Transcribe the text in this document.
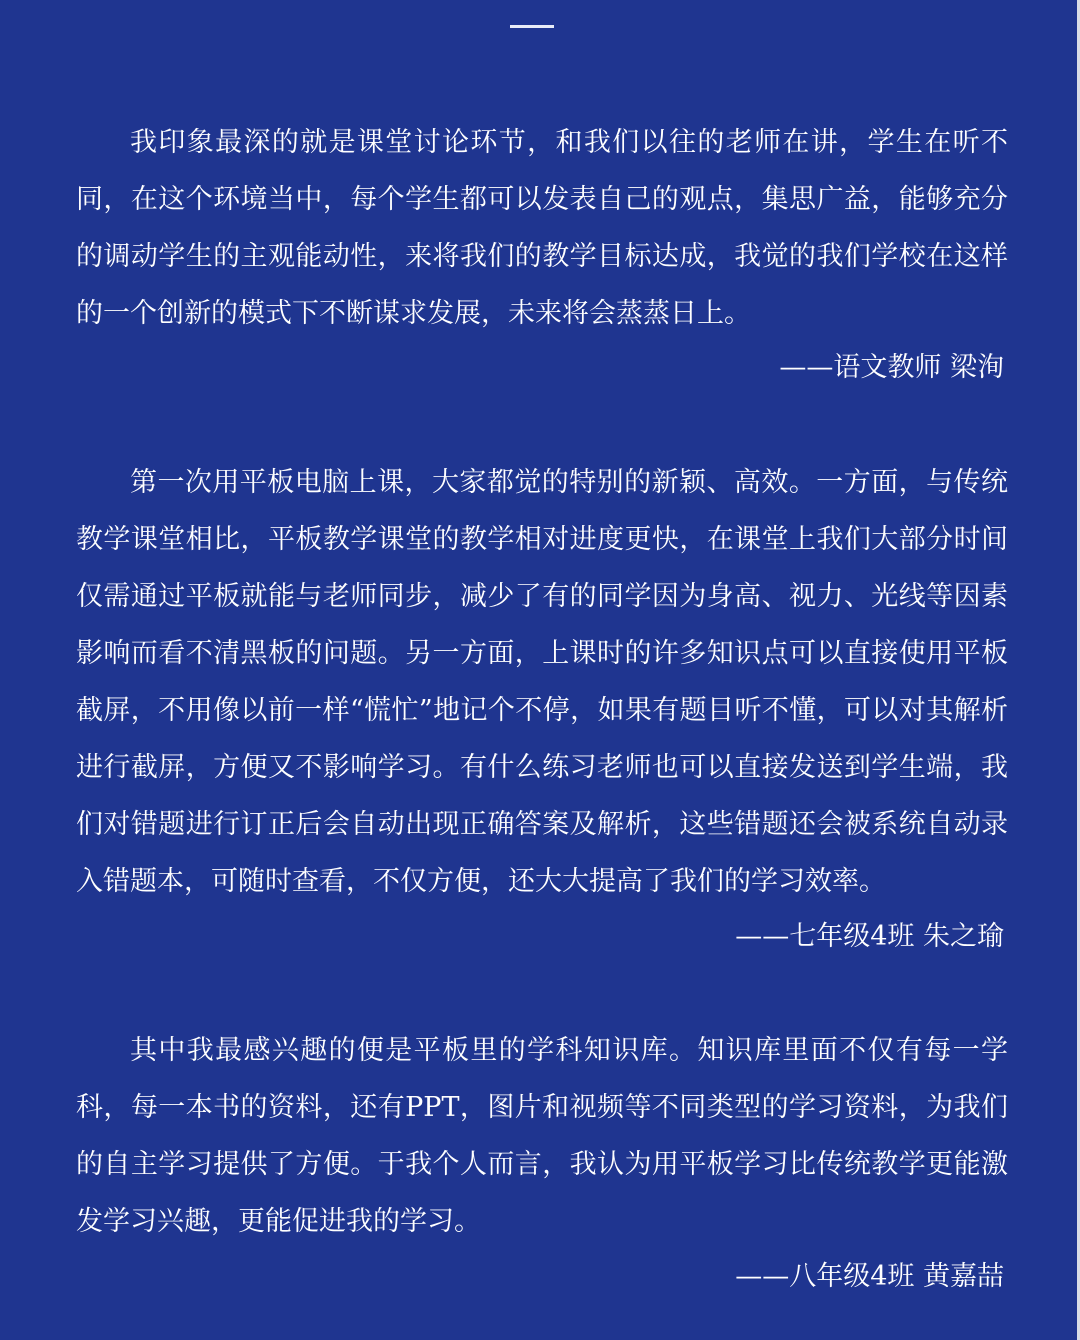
我印象最深的就是课堂讨论环节，和我们以往的老师在讲，学生在听不同，在这个环境当中，每个学生都可以发表自己的观点，集思广益，能够充分的调动学生的主观能动性，来将我们的教学目标达成，我觉的我们学校在这样的一个创新的模式下不断谋求发展，未来将会蒸蒸日上。

——语文教师 梁洵

第一次用平板电脑上课，大家都觉的特别的新颖、高效。一方面，与传统教学课堂相比，平板教学课堂的教学相对进度更快，在课堂上我们大部分时间仅需通过平板就能与老师同步，减少了有的同学因为身高、视力、光线等因素影响而看不清黑板的问题。另一方面，上课时的许多知识点可以直接使用平板截屏，不用像以前一样“慌忙”地记个不停，如果有题目听不懂，可以对其解析进行截屏，方便又不影响学习。有什么练习老师也可以直接发送到学生端，我们对错题进行订正后会自动出现正确答案及解析，这些错题还会被系统自动录入错题本，可随时查看，不仅方便，还大大提高了我们的学习效率。

——七年级4班 朱之瑜

其中我最感兴趣的便是平板里的学科知识库。知识库里面不仅有每一学科，每一本书的资料，还有PPT，图片和视频等不同类型的学习资料，为我们的自主学习提供了方便。于我个人而言，我认为用平板学习比传统教学更能激发学习兴趣，更能促进我的学习。

——八年级4班 黄嘉喆
